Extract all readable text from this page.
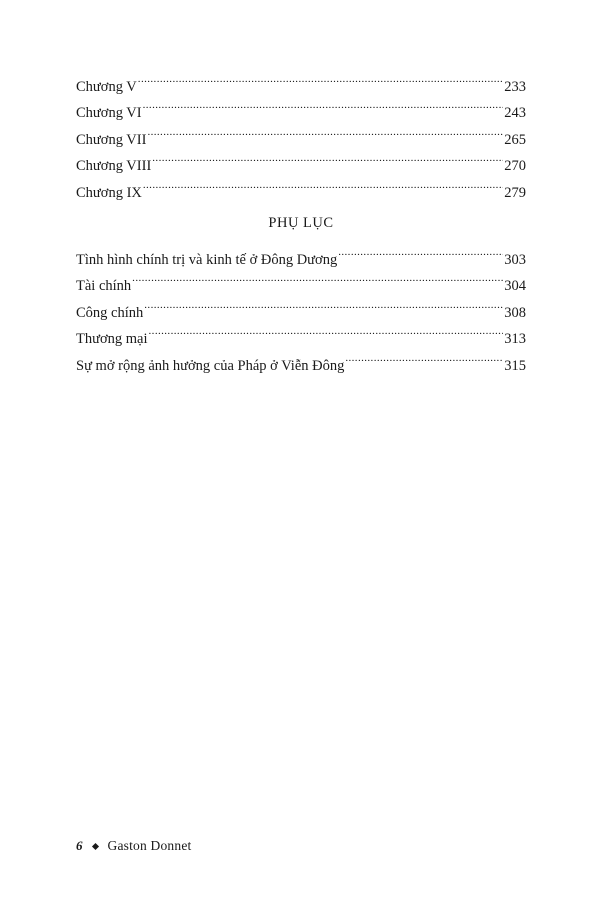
Chương V .....	233
Chương VI .....	243
Chương VII .....	265
Chương VIII .....	270
Chương IX .....	279
PHỤ LỤC
Tình hình chính trị và kinh tế ở Đông Dương .....	303
Tài chính .....	304
Công chính .....	308
Thương mại .....	313
Sự mở rộng ảnh hưởng của Pháp ở Viễn Đông .....	315
6 Gaston Donnet
